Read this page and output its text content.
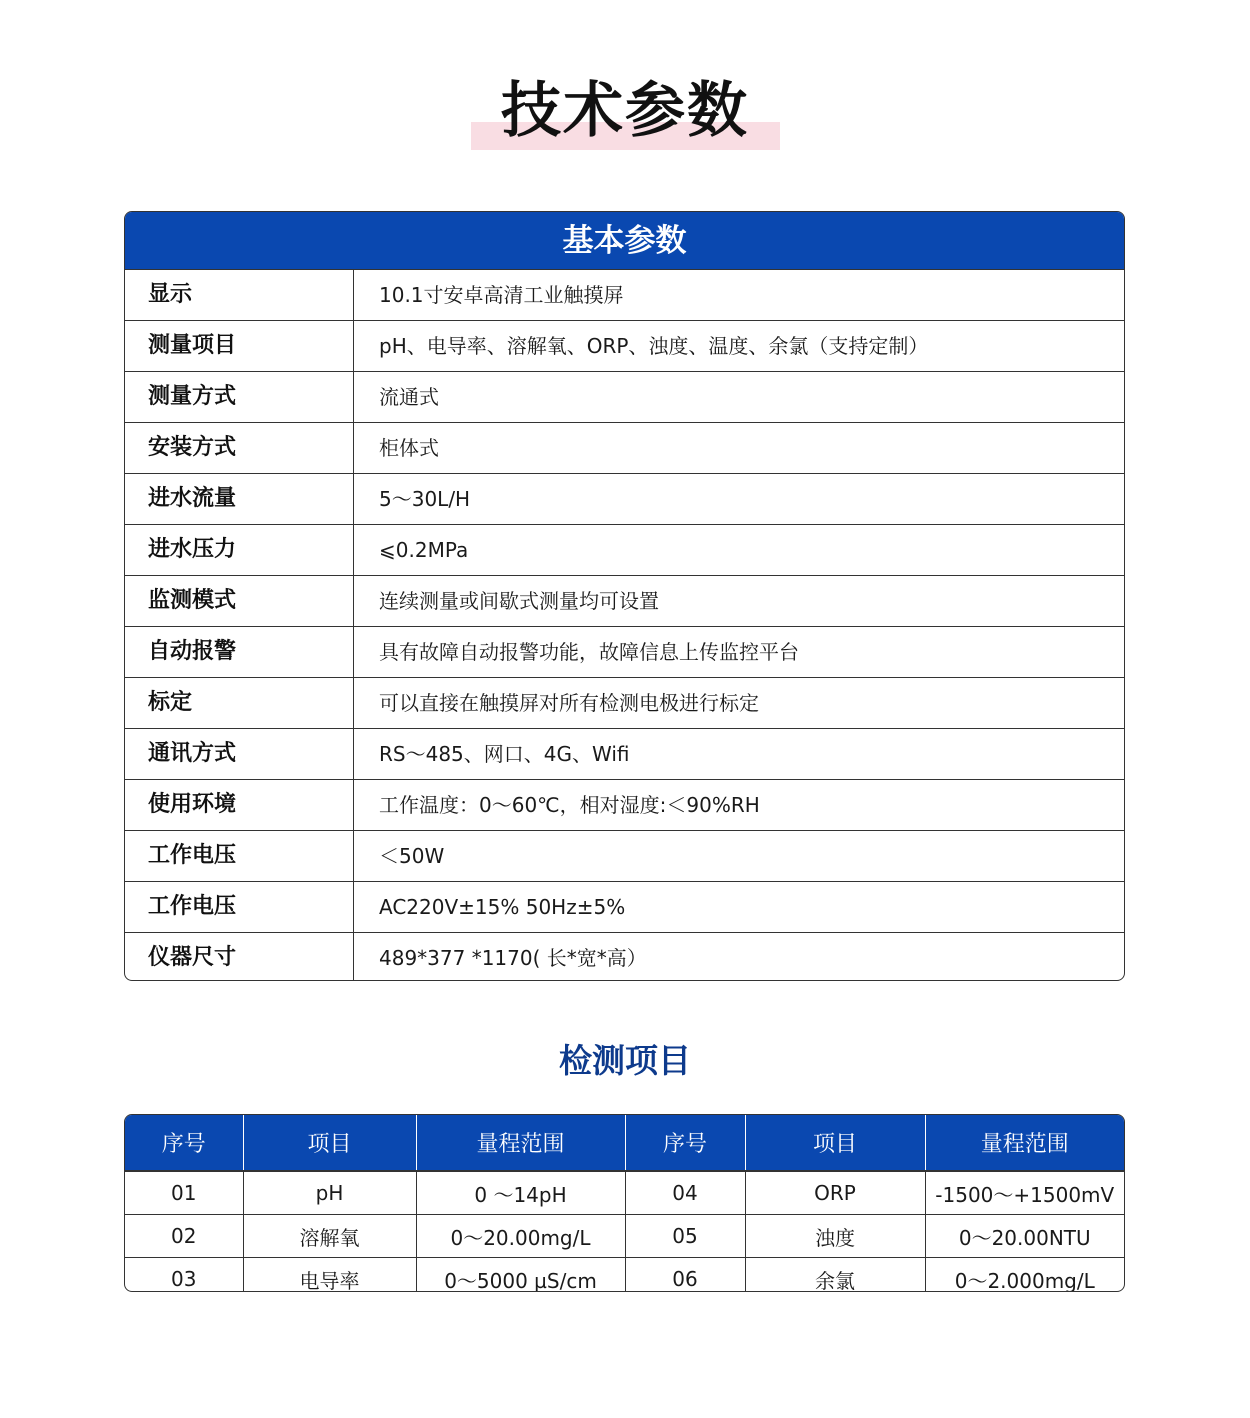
技术参数
基本参数
显示	10.1寸安卓高清工业触摸屏
测量项目	pH、电导率、溶解氧、ORP、浊度、温度、余氯（支持定制）
测量方式	流通式
安装方式	柜体式
进水流量	5～30L/H
进水压力	⩽0.2MPa
监测模式	连续测量或间歇式测量均可设置
自动报警	具有故障自动报警功能，故障信息上传监控平台
标定	可以直接在触摸屏对所有检测电极进行标定
通讯方式	RS～485、网口、4G、Wifi
使用环境	工作温度：0～60℃，相对湿度:＜90%RH
工作电压	＜50W
工作电压	AC220V±15% 50Hz±5%
仪器尺寸	489*377 *1170( 长*宽*高）
检测项目
序号	项目	量程范围	序号	项目	量程范围
01	pH	0 ～14pH	04	ORP	-1500～+1500mV
02	溶解氧	0～20.00mg/L	05	浊度	0～20.00NTU
03	电导率	0～5000 µS/cm	06	余氯	0～2.000mg/L
